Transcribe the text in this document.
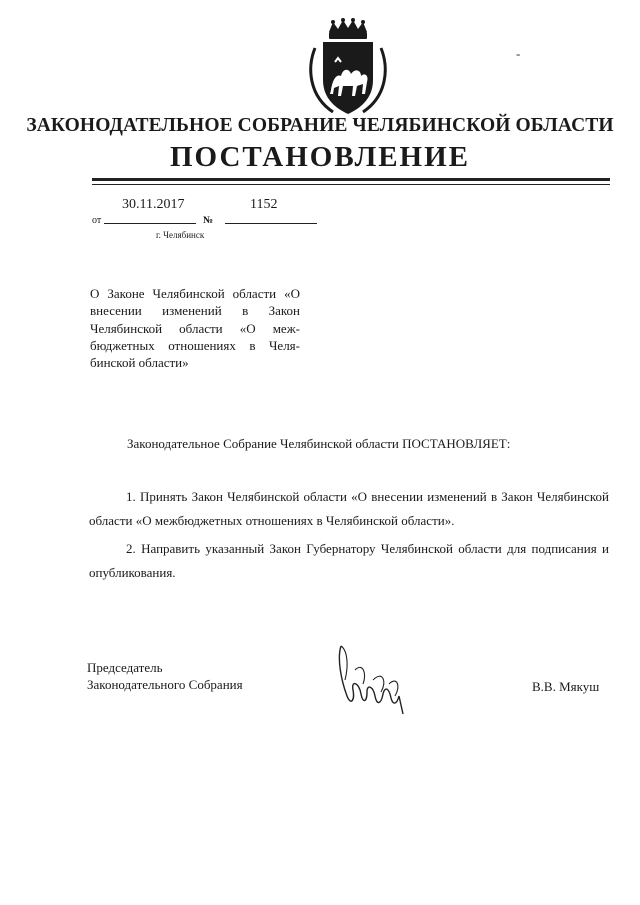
-
ЗАКОНОДАТЕЛЬНОЕ СОБРАНИЕ ЧЕЛЯБИНСКОЙ ОБЛАСТИ
ПОСТАНОВЛЕНИЕ
30.11.2017	1152
от	№
г. Челябинск
О Законе Челябинской области «О внесении изменений в Закон Челябинской области «О меж-бюджетных отношениях в Челя-бинской области»
Законодательное Собрание Челябинской области ПОСТАНОВЛЯЕТ:
1. Принять Закон Челябинской области «О внесении изменений в Закон Челябинской области «О межбюджетных отношениях в Челябинской области».
2. Направить указанный Закон Губернатору Челябинской области для подписания и опубликования.
Председатель
Законодательного Собрания	В.В. Мякуш
